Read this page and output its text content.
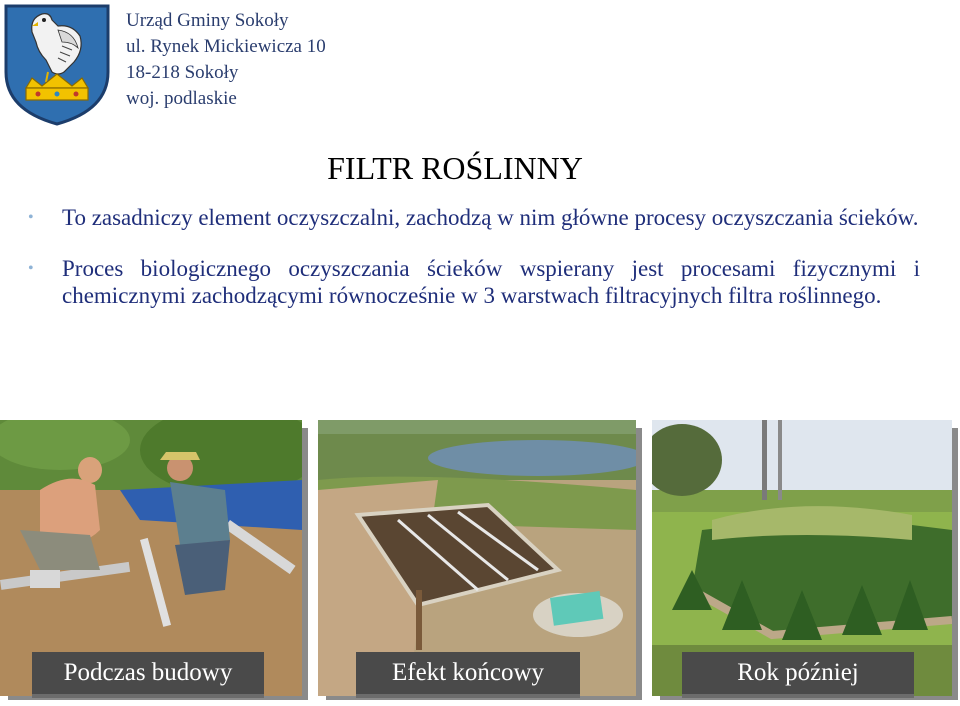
Urząd Gminy Sokoły
ul. Rynek Mickiewicza 10
18-218 Sokoły
woj. podlaskie
FILTR ROŚLINNY
• To zasadniczy element oczyszczalni, zachodzą w nim główne procesy oczyszczania ścieków.
• Proces biologicznego oczyszczania ścieków wspierany jest procesami fizycznymi i chemicznymi zachodzącymi równocześnie w 3 warstwach filtracyjnych filtra roślinnego.
Podczas budowy	Efekt końcowy	Rok później
